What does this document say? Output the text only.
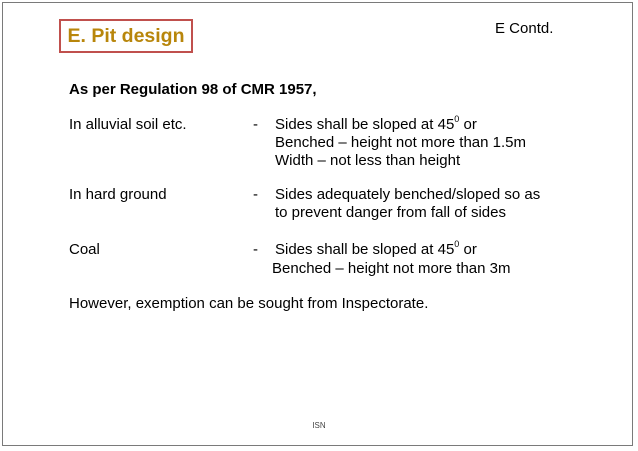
E. Pit design	E Contd.
As per Regulation 98 of CMR 1957,
In alluvial soil etc.	- Sides shall be sloped at $45^0$ or
Benched – height not more than 1.5m
Width – not less than height
In hard ground	- Sides adequately benched/sloped so as
to prevent danger from fall of sides
Coal	- Sides shall be sloped at $45^0$ or
Benched – height not more than 3m
However, exemption can be sought from Inspectorate.
ISN
